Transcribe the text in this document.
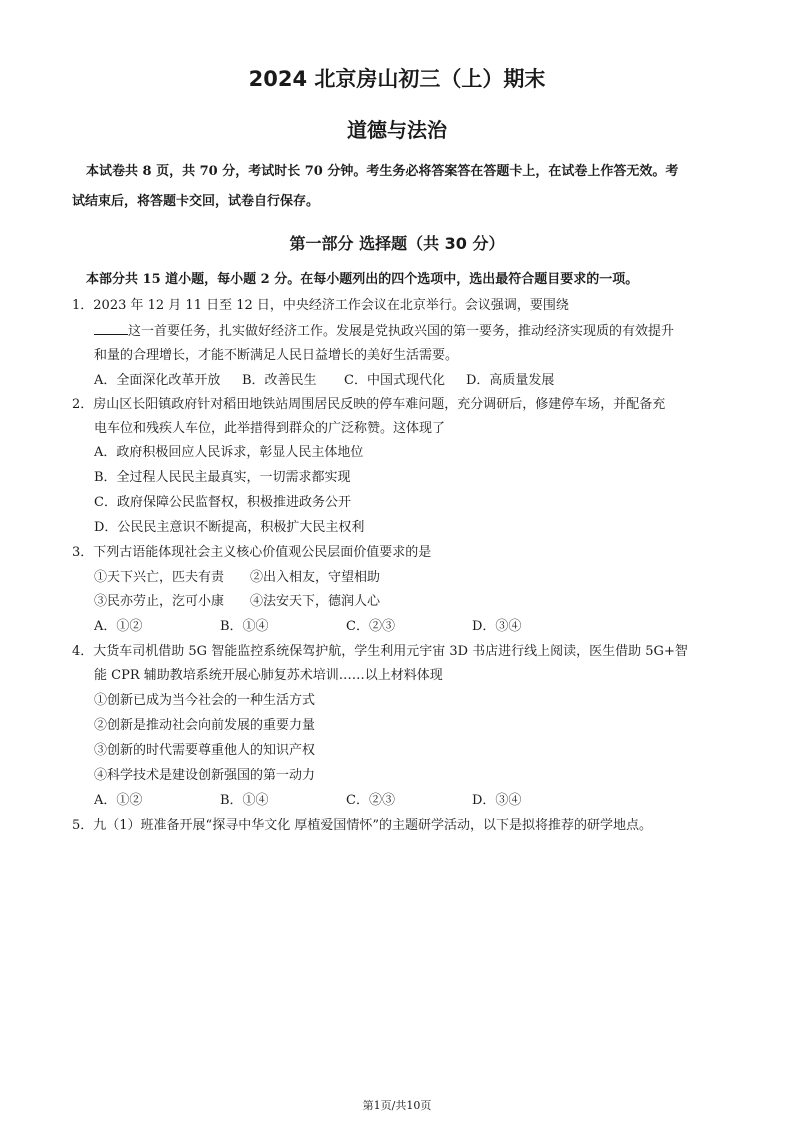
2024 北京房山初三（上）期末
道德与法治
本试卷共 8 页，共 70 分，考试时长 70 分钟。考生务必将答案答在答题卡上，在试卷上作答无效。考
试结束后，将答题卡交回，试卷自行保存。
第一部分 选择题（共 30 分）
本部分共 15 道小题，每小题 2 分。在每小题列出的四个选项中，选出最符合题目要求的一项。
1．2023 年 12 月 11 日至 12 日，中央经济工作会议在北京举行。会议强调，要围绕
这一首要任务，扎实做好经济工作。发展是党执政兴国的第一要务，推动经济实现质的有效提升
和量的合理增长，才能不断满足人民日益增长的美好生活需要。
A．全面深化改革开放 B．改善民生 C．中国式现代化 D．高质量发展
2．房山区长阳镇政府针对稻田地铁站周围居民反映的停车难问题，充分调研后，修建停车场，并配备充
电车位和残疾人车位，此举措得到群众的广泛称赞。这体现了
A．政府积极回应人民诉求，彰显人民主体地位
B．全过程人民民主最真实，一切需求都实现
C．政府保障公民监督权，积极推进政务公开
D．公民民主意识不断提高，积极扩大民主权利
3．下列古语能体现社会主义核心价值观公民层面价值要求的是
①天下兴亡，匹夫有责 ②出入相友，守望相助
③民亦劳止，汔可小康 ④法安天下，德润人心
A．①②	B．①④	C．②③	D．③④
4．大货车司机借助 5G 智能监控系统保驾护航，学生利用元宇宙 3D 书店进行线上阅读，医生借助 5G+智
能 CPR 辅助教培系统开展心肺复苏术培训……以上材料体现
①创新已成为当今社会的一种生活方式
②创新是推动社会向前发展的重要力量
③创新的时代需要尊重他人的知识产权
④科学技术是建设创新强国的第一动力
A．①②	B．①④	C．②③	D．③④
5．九（1）班准备开展“探寻中华文化 厚植爱国情怀”的主题研学活动，以下是拟将推荐的研学地点。
第1页/共10页
